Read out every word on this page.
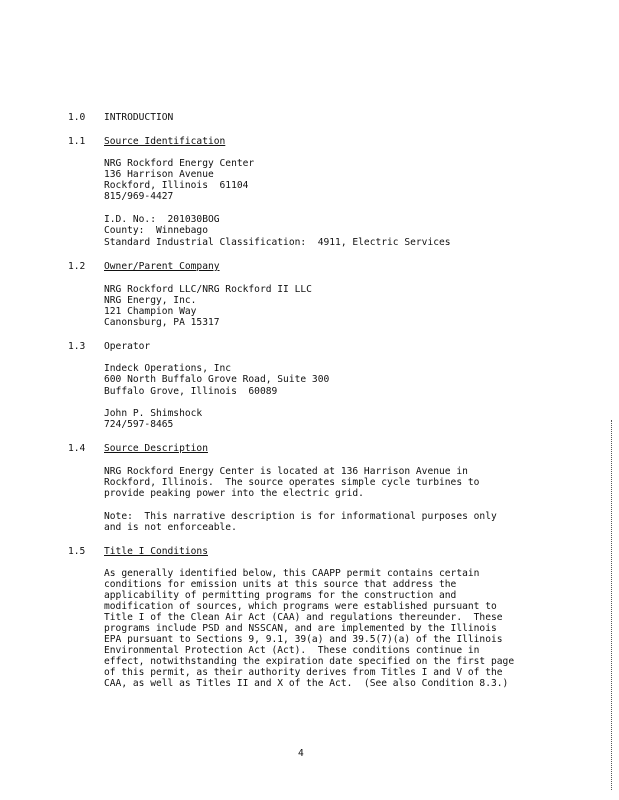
1.0 INTRODUCTION
1.1 Source Identification
NRG Rockford Energy Center
136 Harrison Avenue
Rockford, Illinois  61104
815/969-4427
I.D. No.:  201030BOG
County:  Winnebago
Standard Industrial Classification:  4911, Electric Services
1.2 Owner/Parent Company
NRG Rockford LLC/NRG Rockford II LLC
NRG Energy, Inc.
121 Champion Way
Canonsburg, PA 15317
1.3 Operator
Indeck Operations, Inc
600 North Buffalo Grove Road, Suite 300
Buffalo Grove, Illinois  60089
John P. Shimshock
724/597-8465
1.4 Source Description
NRG Rockford Energy Center is located at 136 Harrison Avenue in
Rockford, Illinois.  The source operates simple cycle turbines to
provide peaking power into the electric grid.
Note:  This narrative description is for informational purposes only
and is not enforceable.
1.5 Title I Conditions
As generally identified below, this CAAPP permit contains certain
conditions for emission units at this source that address the
applicability of permitting programs for the construction and
modification of sources, which programs were established pursuant to
Title I of the Clean Air Act (CAA) and regulations thereunder.  These
programs include PSD and NSSCAN, and are implemented by the Illinois
EPA pursuant to Sections 9, 9.1, 39(a) and 39.5(7)(a) of the Illinois
Environmental Protection Act (Act).  These conditions continue in
effect, notwithstanding the expiration date specified on the first page
of this permit, as their authority derives from Titles I and V of the
CAA, as well as Titles II and X of the Act.  (See also Condition 8.3.)
4
